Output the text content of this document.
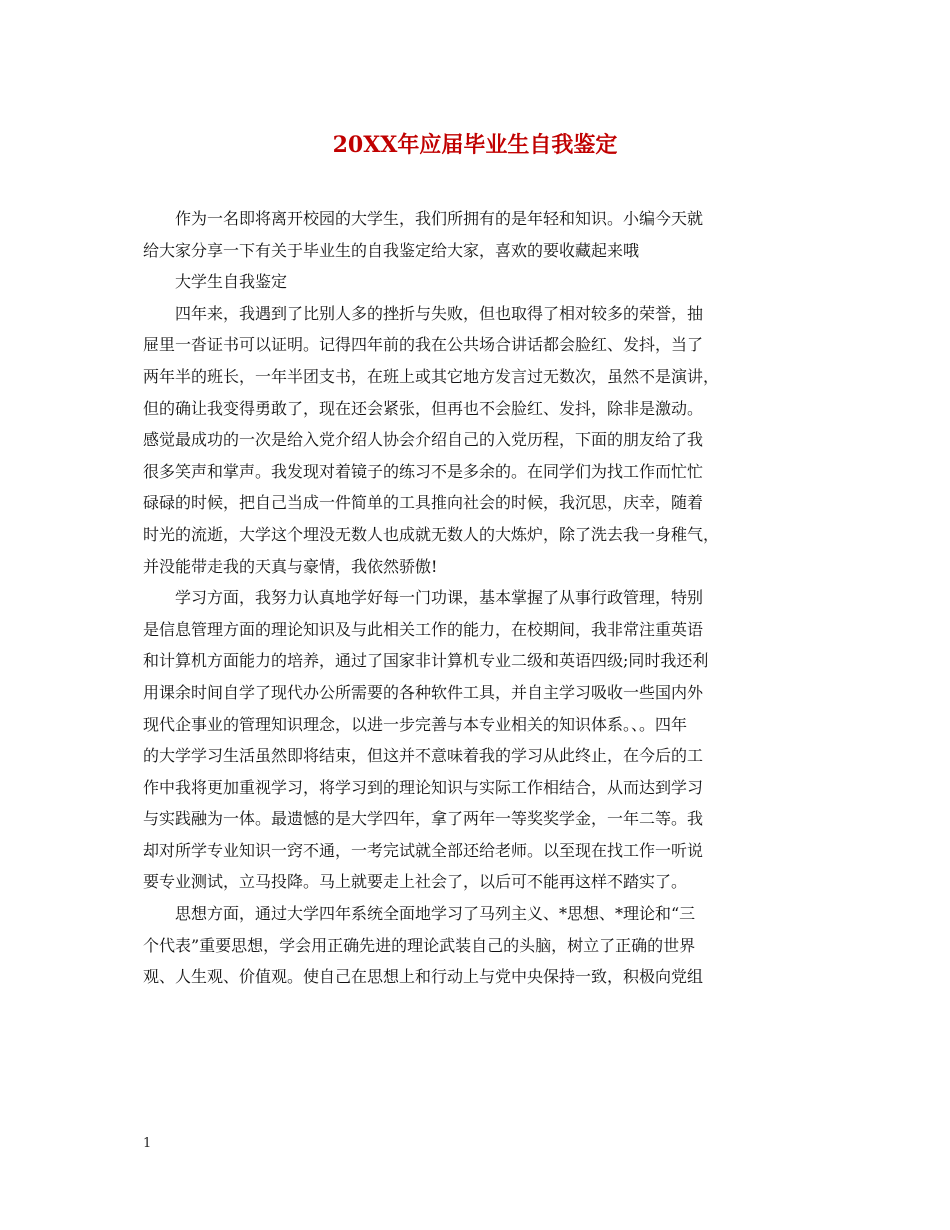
20XX年应届毕业生自我鉴定

作为一名即将离开校园的大学生，我们所拥有的是年轻和知识。小编今天就
给大家分享一下有关于毕业生的自我鉴定给大家，喜欢的要收藏起来哦

大学生自我鉴定

四年来，我遇到了比别人多的挫折与失败，但也取得了相对较多的荣誉，抽
屉里一沓证书可以证明。记得四年前的我在公共场合讲话都会脸红、发抖，当了
两年半的班长，一年半团支书，在班上或其它地方发言过无数次，虽然不是演讲，
但的确让我变得勇敢了，现在还会紧张，但再也不会脸红、发抖，除非是激动。
感觉最成功的一次是给入党介绍人协会介绍自己的入党历程，下面的朋友给了我
很多笑声和掌声。我发现对着镜子的练习不是多余的。在同学们为找工作而忙忙
碌碌的时候，把自己当成一件简单的工具推向社会的时候，我沉思，庆幸，随着
时光的流逝，大学这个埋没无数人也成就无数人的大炼炉，除了洗去我一身稚气，
并没能带走我的天真与豪情，我依然骄傲!

学习方面，我努力认真地学好每一门功课，基本掌握了从事行政管理，特别
是信息管理方面的理论知识及与此相关工作的能力，在校期间，我非常注重英语
和计算机方面能力的培养，通过了国家非计算机专业二级和英语四级;同时我还利
用课余时间自学了现代办公所需要的各种软件工具，并自主学习吸收一些国内外
现代企事业的管理知识理念，以进一步完善与本专业相关的知识体系。、。四年
的大学学习生活虽然即将结束，但这并不意味着我的学习从此终止，在今后的工
作中我将更加重视学习，将学习到的理论知识与实际工作相结合，从而达到学习
与实践融为一体。最遗憾的是大学四年，拿了两年一等奖奖学金，一年二等。我
却对所学专业知识一窍不通，一考完试就全部还给老师。以至现在找工作一听说
要专业测试，立马投降。马上就要走上社会了，以后可不能再这样不踏实了。

思想方面，通过大学四年系统全面地学习了马列主义、*思想、*理论和“三
个代表”重要思想，学会用正确先进的理论武装自己的头脑，树立了正确的世界
观、人生观、价值观。使自己在思想上和行动上与党中央保持一致，积极向党组

1
